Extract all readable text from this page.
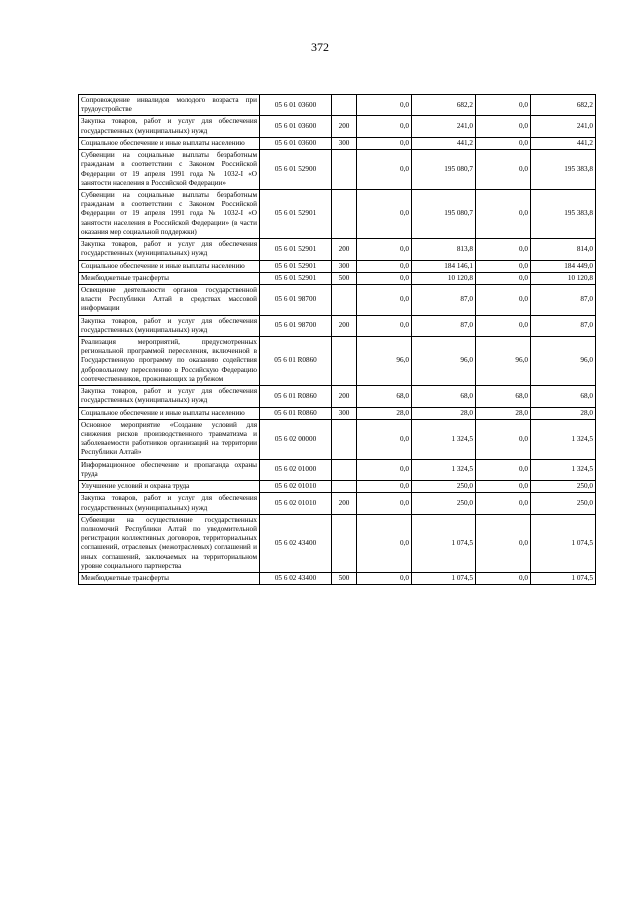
372
Сопровождение инвалидов молодого возраста при трудоустройстве	05 6 01 03600		0,0	682,2	0,0	682,2
Закупка товаров, работ и услуг для обеспечения государственных (муниципальных) нужд	05 6 01 03600	200	0,0	241,0	0,0	241,0
Социальное обеспечение и иные выплаты населению	05 6 01 03600	300	0,0	441,2	0,0	441,2
Субвенции на социальные выплаты безработным гражданам в соответствии с Законом Российской Федерации от 19 апреля 1991 года № 1032-I «О занятости населения в Российской Федерации»	05 6 01 52900		0,0	195 080,7	0,0	195 383,8
Субвенции на социальные выплаты безработным гражданам в соответствии с Законом Российской Федерации от 19 апреля 1991 года № 1032-I «О занятости населения в Российской Федерации» (в части оказания мер социальной поддержки)	05 6 01 52901		0,0	195 080,7	0,0	195 383,8
Закупка товаров, работ и услуг для обеспечения государственных (муниципальных) нужд	05 6 01 52901	200	0,0	813,8	0,0	814,0
Социальное обеспечение и иные выплаты населению	05 6 01 52901	300	0,0	184 146,1	0,0	184 449,0
Межбюджетные трансферты	05 6 01 52901	500	0,0	10 120,8	0,0	10 120,8
Освещение деятельности органов государственной власти Республики Алтай в средствах массовой информации	05 6 01 98700		0,0	87,0	0,0	87,0
Закупка товаров, работ и услуг для обеспечения государственных (муниципальных) нужд	05 6 01 98700	200	0,0	87,0	0,0	87,0
Реализация мероприятий, предусмотренных региональной программой переселения, включенной в Государственную программу по оказанию содействия добровольному переселению в Российскую Федерацию соотечественников, проживающих за рубежом	05 6 01 R0860		96,0	96,0	96,0	96,0
Закупка товаров, работ и услуг для обеспечения государственных (муниципальных) нужд	05 6 01 R0860	200	68,0	68,0	68,0	68,0
Социальное обеспечение и иные выплаты населению	05 6 01 R0860	300	28,0	28,0	28,0	28,0
Основное мероприятие «Создание условий для снижения рисков производственного травматизма и заболеваемости работников организаций на территории Республики Алтай»	05 6 02 00000		0,0	1 324,5	0,0	1 324,5
Информационное обеспечение и пропаганда охраны труда	05 6 02 01000		0,0	1 324,5	0,0	1 324,5
Улучшение условий и охрана труда	05 6 02 01010		0,0	250,0	0,0	250,0
Закупка товаров, работ и услуг для обеспечения государственных (муниципальных) нужд	05 6 02 01010	200	0,0	250,0	0,0	250,0
Субвенции на осуществление государственных полномочий Республики Алтай по уведомительной регистрации коллективных договоров, территориальных соглашений, отраслевых (межотраслевых) соглашений и иных соглашений, заключаемых на территориальном уровне социального партнерства	05 6 02 43400		0,0	1 074,5	0,0	1 074,5
Межбюджетные трансферты	05 6 02 43400	500	0,0	1 074,5	0,0	1 074,5
